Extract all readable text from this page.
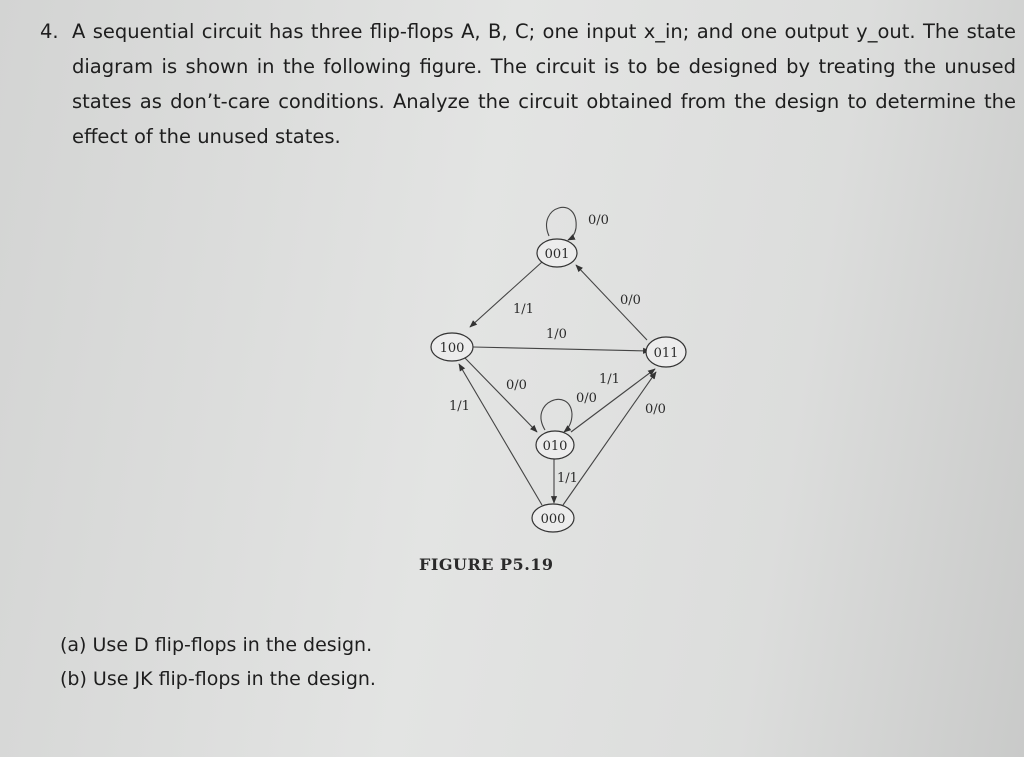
4. A sequential circuit has three flip-flops A, B, C; one input x_in; and one output y_out. The state diagram is shown in the following figure. The circuit is to be designed by treating the unused states as don’t-care conditions. Analyze the circuit obtained from the design to determine the effect of the unused states.
001
100	011
010
000
0/0
1/1
0/0
1/0
0/0	1/1
0/0
1/1	0/0
1/1
FIGURE P5.19
(a) Use D flip-flops in the design.
(b) Use JK flip-flops in the design.
